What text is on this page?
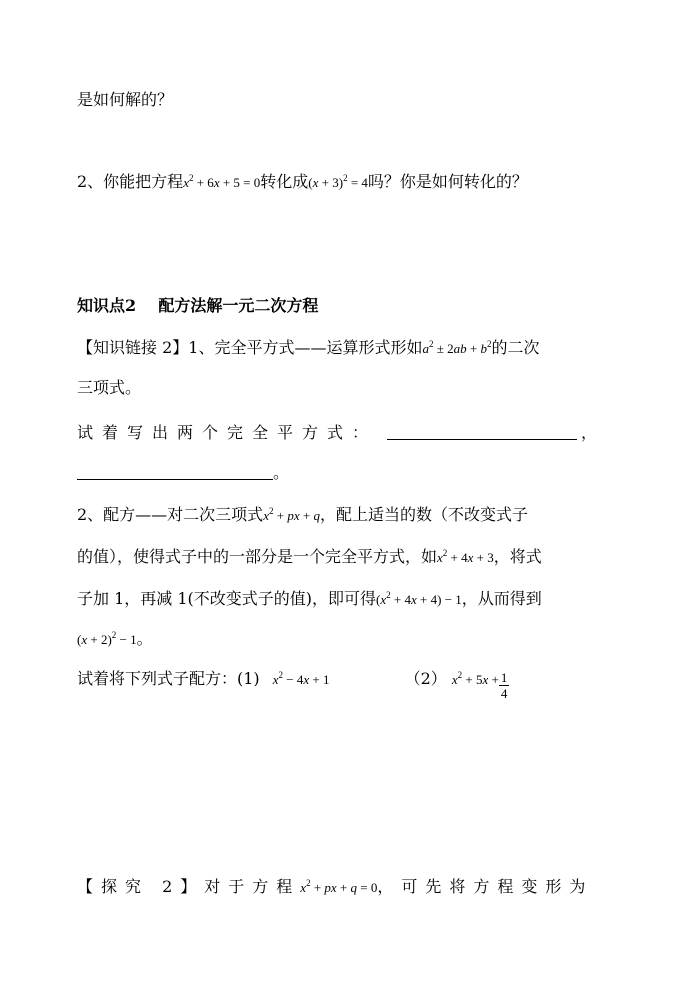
是如何解的？
2、你能把方程$x^2 + 6x + 5 = 0$转化成$(x + 3)^2 = 4$吗？你是如何转化的？
知识点2    配方法解一元二次方程
【知识链接 2】1、完全平方式——运算形式形如$a^2 \pm 2ab + b^2$的二次
三项式。
试着写出两个完全平方式：	，
。
2、配方——对二次三项式$x^2$ + px + q，配上适当的数（不改变式子
的值），使得式子中的一部分是一个完全平方式，如$x^2 + 4x + 3$，将式
子加 1，再减 1(不改变式子的值)，即可得$(x^2 + 4x + 4) - 1$，从而得到
$(x + 2)^2 - 1$。
试着将下列式子配方：(1) $x^2 - 4x + 1$	（2） $x^2 + 5x + \frac{1}{4}$
【探究 2】对于方程$x^2$ + px + q = 0，可先将方程变形为
